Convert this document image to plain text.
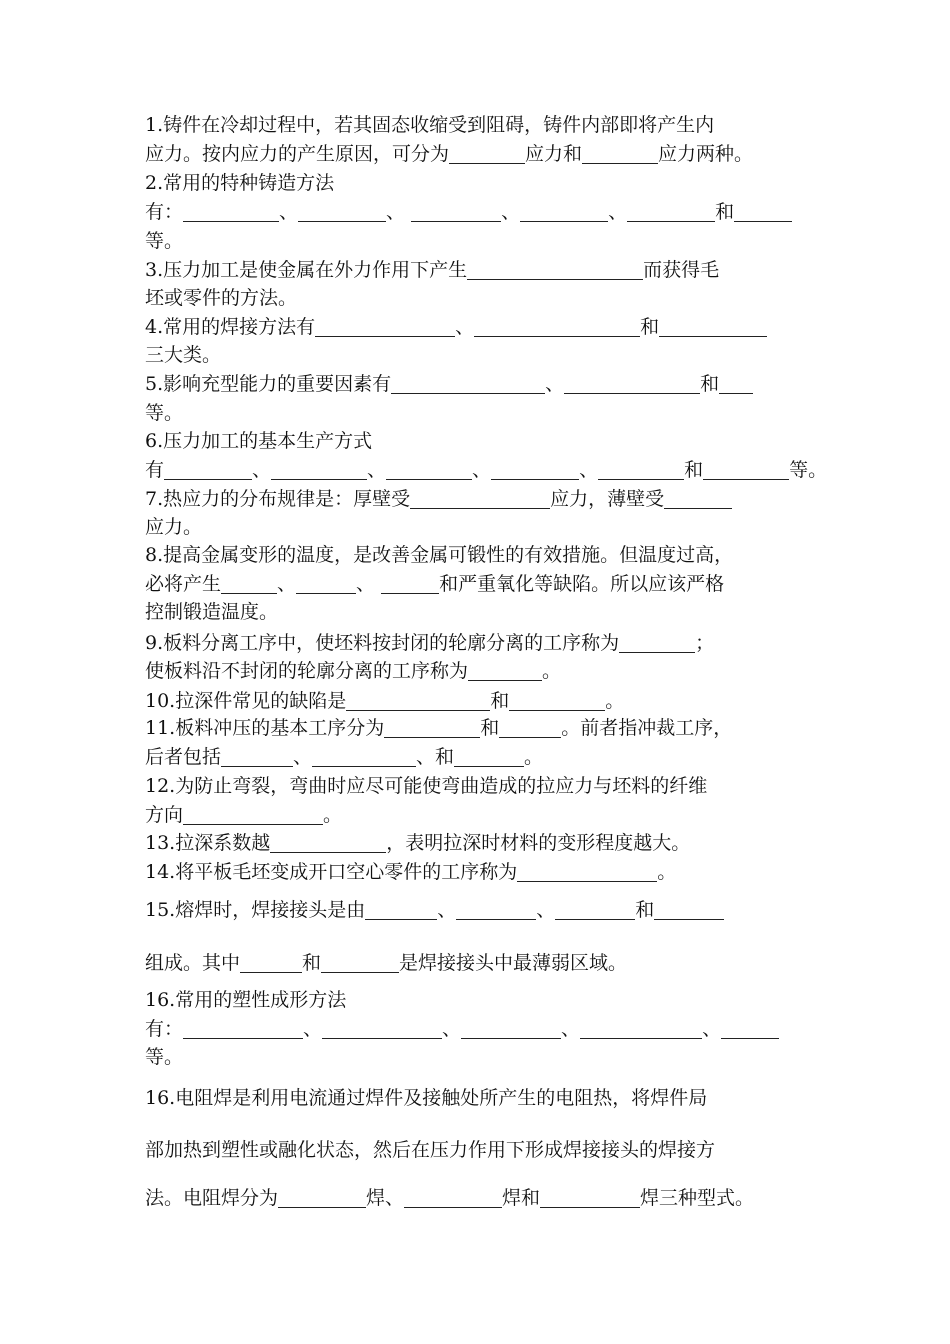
1.铸件在冷却过程中，若其固态收缩受到阻碍，铸件内部即将产生内
应力。按内应力的产生原因，可分为	应力和	应力两种。
2.常用的特种铸造方法
有：	、	、	、	、	和
等。
3.压力加工是使金属在外力作用下产生	而获得毛
坯或零件的方法。
4.常用的焊接方法有	、	和
三大类。
5.影响充型能力的重要因素有	、	和
等。
6.压力加工的基本生产方式
有	、	、	、	、	和	等。
7.热应力的分布规律是：厚壁受	应力，薄壁受
应力。
8.提高金属变形的温度，是改善金属可锻性的有效措施。但温度过高，
必将产生	、	、	和严重氧化等缺陷。所以应该严格
控制锻造温度。
9.板料分离工序中，使坯料按封闭的轮廓分离的工序称为	；
使板料沿不封闭的轮廓分离的工序称为	。
10.拉深件常见的缺陷是	和	。
11.板料冲压的基本工序分为	和	。前者指冲裁工序，
后者包括	、	、和	。
12.为防止弯裂，弯曲时应尽可能使弯曲造成的拉应力与坯料的纤维
方向	。
13.拉深系数越	，表明拉深时材料的变形程度越大。
14.将平板毛坯变成开口空心零件的工序称为	。
15.熔焊时，焊接接头是由	、	、	和
组成。其中	和	是焊接接头中最薄弱区域。
16.常用的塑性成形方法
有：	、	、	、	、
等。
16.电阻焊是利用电流通过焊件及接触处所产生的电阻热，将焊件局
部加热到塑性或融化状态，然后在压力作用下形成焊接接头的焊接方
法。电阻焊分为	焊、	焊和	焊三种型式。
